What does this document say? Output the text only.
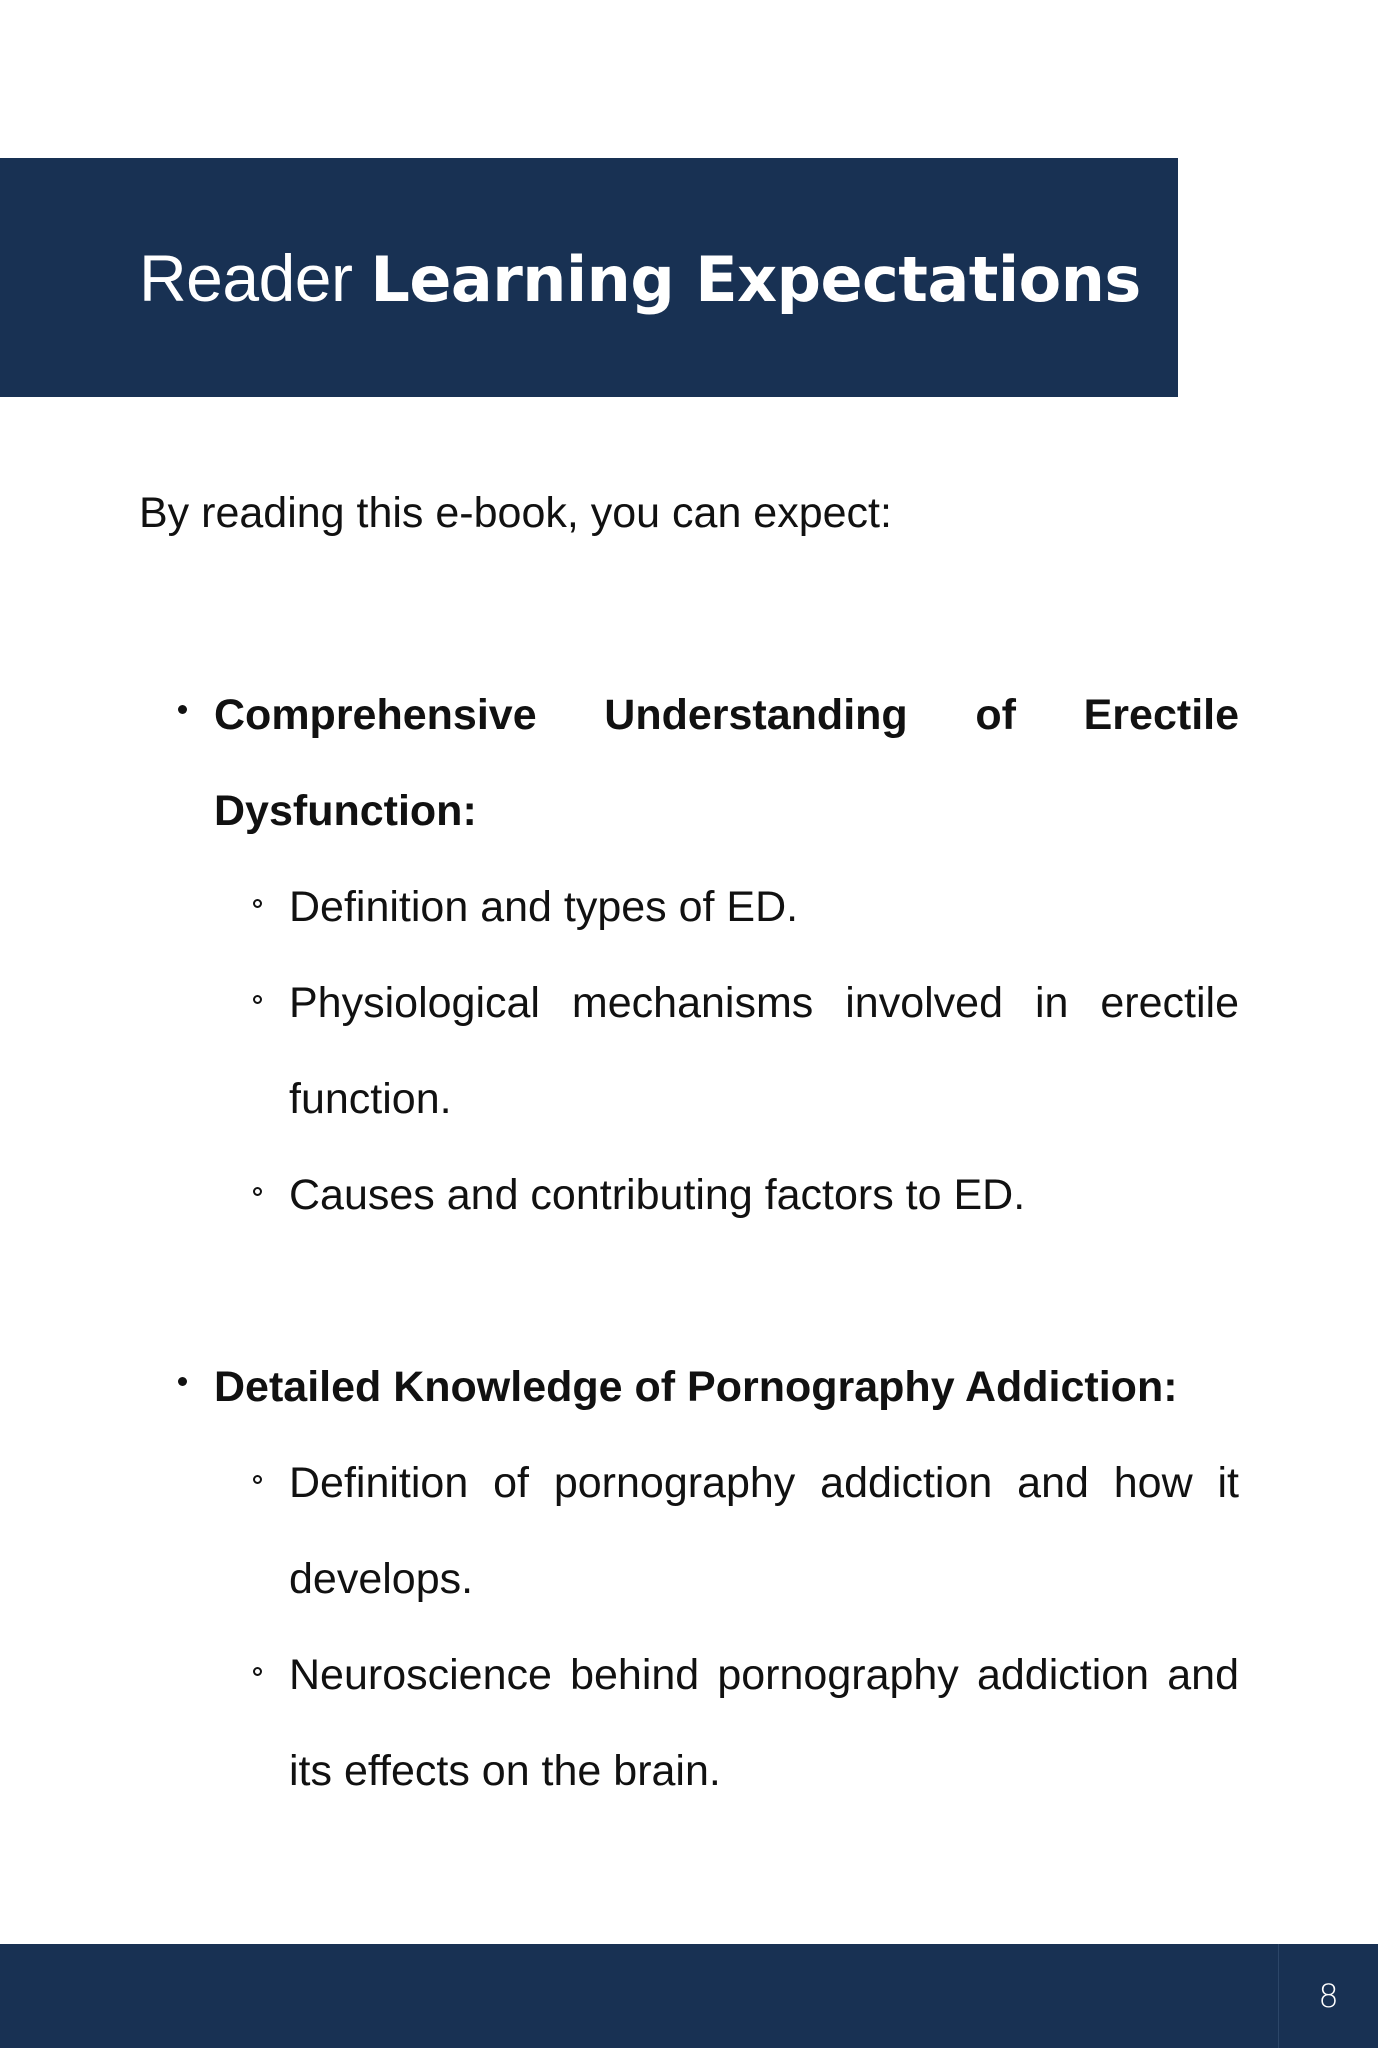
Reader Learning Expectations

By reading this e-book, you can expect:

Comprehensive Understanding of Erectile Dysfunction:

Definition and types of ED.
Physiological mechanisms involved in erectile function.
Causes and contributing factors to ED.

Detailed Knowledge of Pornography Addiction:

Definition of pornography addiction and how it develops.
Neuroscience behind pornography addiction and its effects on the brain.
8
